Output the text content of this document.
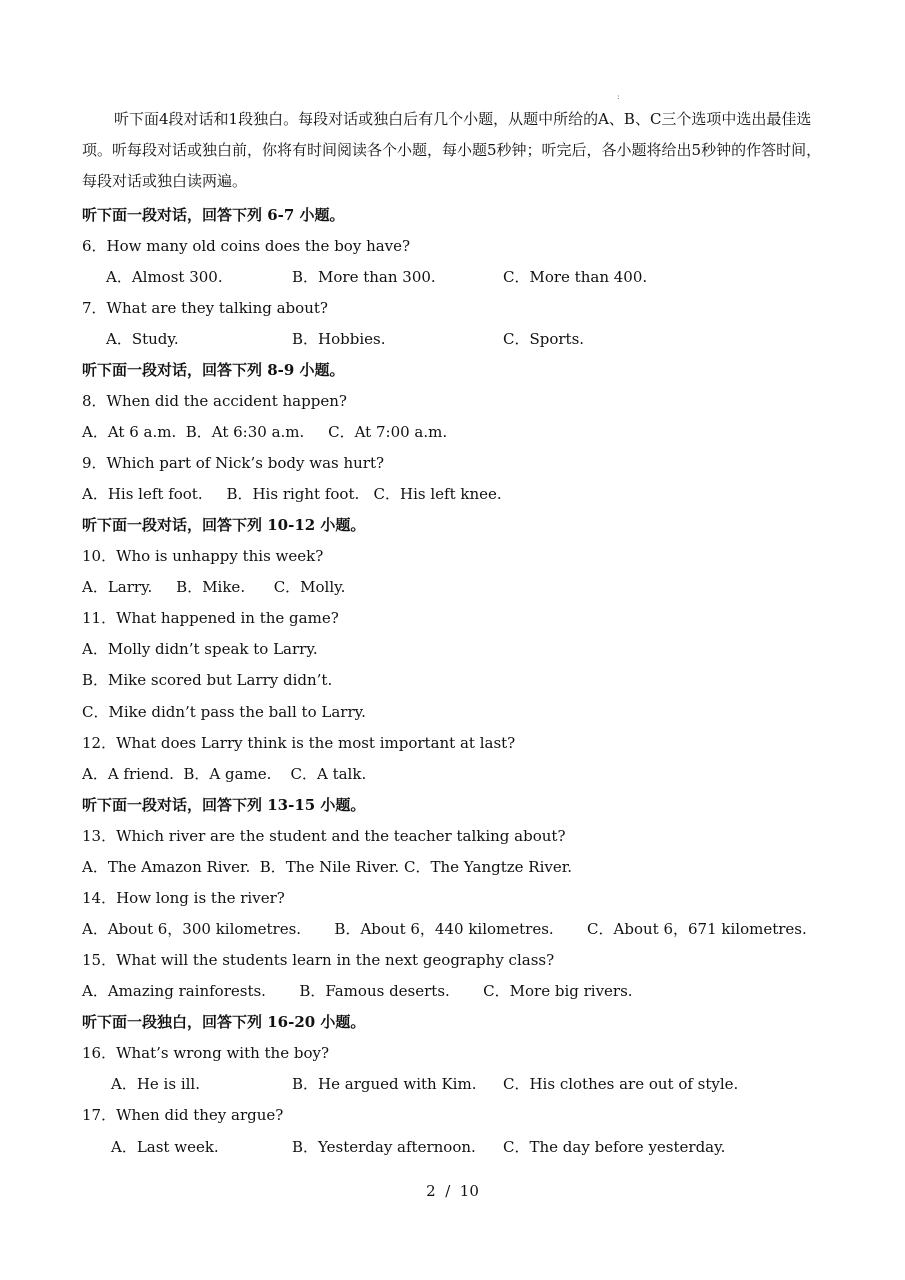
:

听下面4段对话和1段独白。每段对话或独白后有几个小题，从题中所给的A、B、C三个选项中选出最佳选项。听每段对话或独白前，你将有时间阅读各个小题，每小题5秒钟；听完后，各小题将给出5秒钟的作答时间，每段对话或独白读两遍。

听下面一段对话，回答下列 6-7 小题。
6．How many old coins does the boy have?
A．Almost 300.	B．More than 300.	C．More than 400.
7．What are they talking about?
A．Study.	B．Hobbies.	C．Sports.
听下面一段对话，回答下列 8-9 小题。
8．When did the accident happen?
A．At 6 a.m.  B．At 6:30 a.m.     C．At 7:00 a.m.
9．Which part of Nick’s body was hurt?
A．His left foot.     B．His right foot.   C．His left knee.
听下面一段对话，回答下列 10-12 小题。
10．Who is unhappy this week?
A．Larry.     B．Mike.      C．Molly.
11．What happened in the game?
A．Molly didn’t speak to Larry.
B．Mike scored but Larry didn’t.
C．Mike didn’t pass the ball to Larry.
12．What does Larry think is the most important at last?
A．A friend.  B．A game.    C．A talk.
听下面一段对话，回答下列 13-15 小题。
13．Which river are the student and the teacher talking about?
A．The Amazon River.  B．The Nile River. C．The Yangtze River.
14．How long is the river?
A．About 6，300 kilometres.       B．About 6，440 kilometres.       C．About 6，671 kilometres.
15．What will the students learn in the next geography class?
A．Amazing rainforests.       B．Famous deserts.       C．More big rivers.
听下面一段独白，回答下列 16-20 小题。
16．What’s wrong with the boy?
A．He is ill.	B．He argued with Kim. C．His clothes are out of style.
17．When did they argue?
A．Last week.	B．Yesterday afternoon. C．The day before yesterday.
2  /  10
